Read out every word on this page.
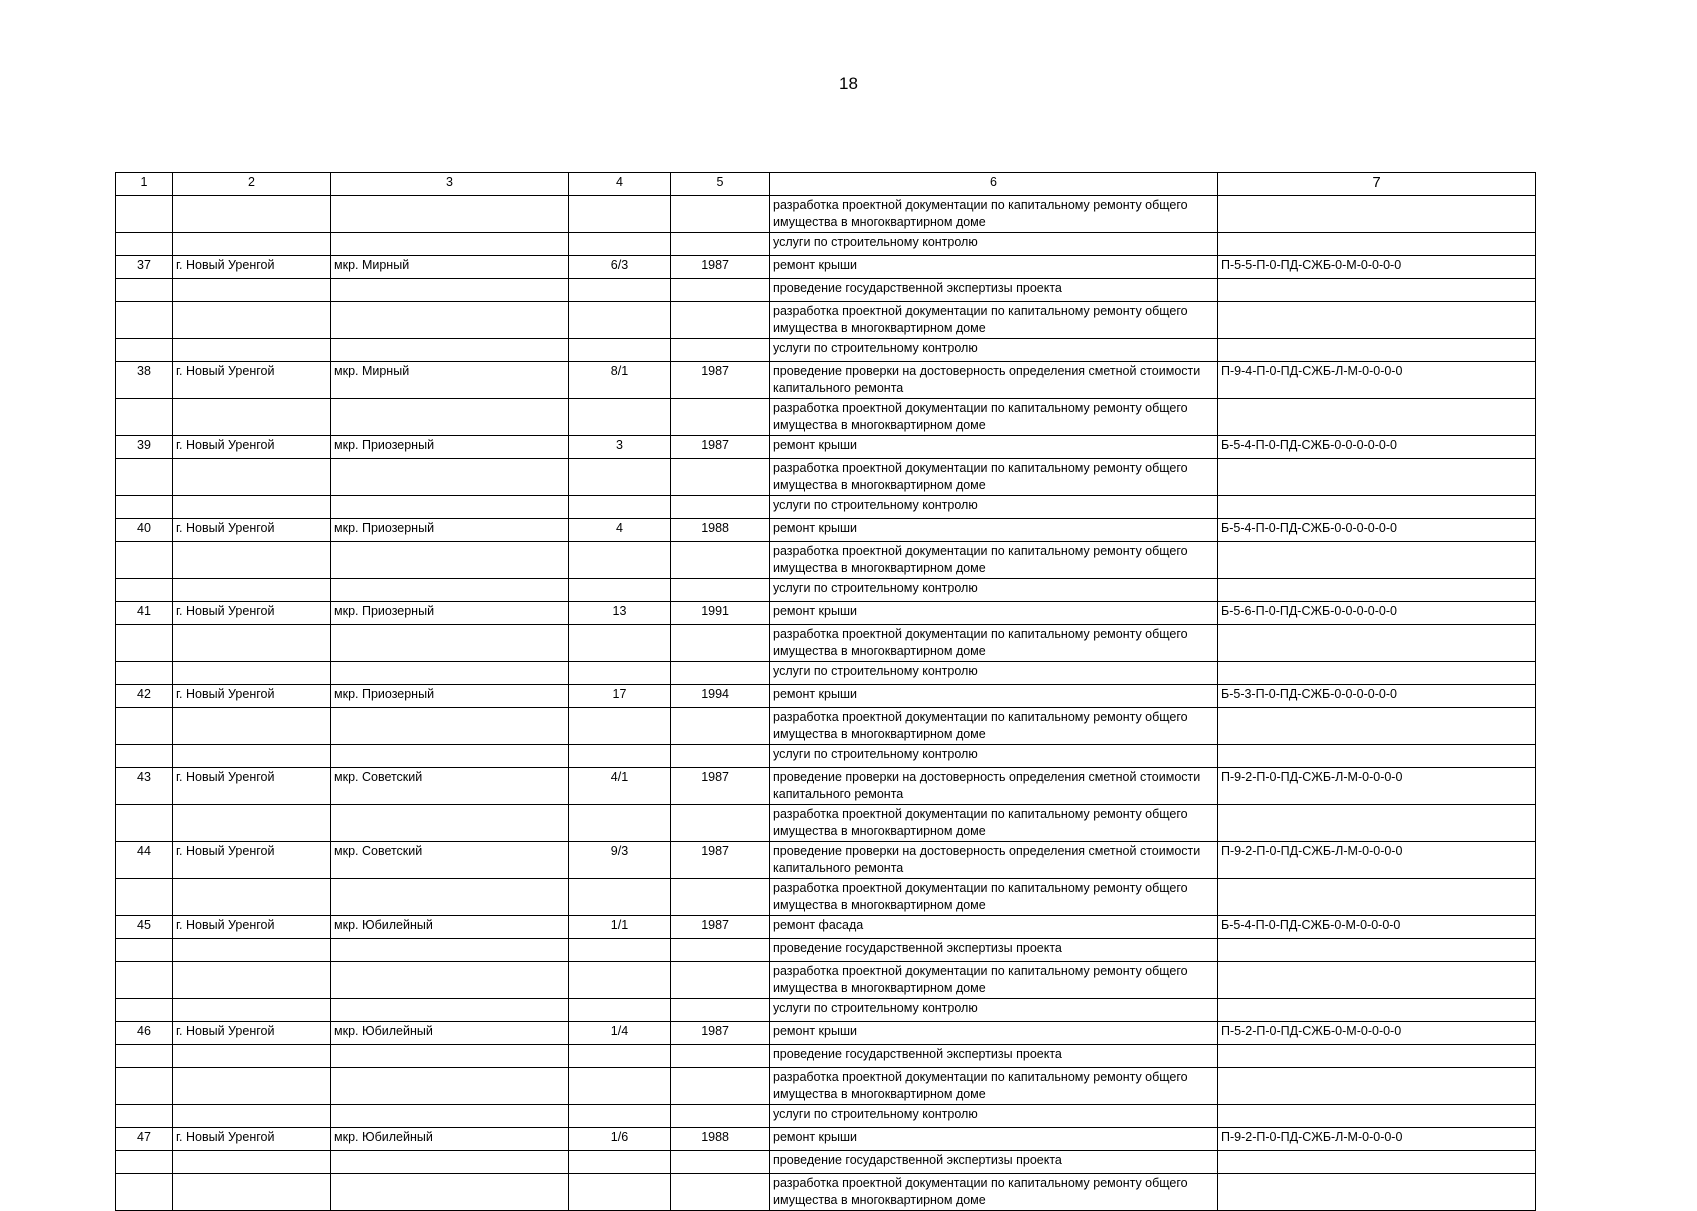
18
1	2	3	4	5	6	7
					разработка проектной документации по капитальному ремонту общего имущества в многоквартирном доме	
					услуги по строительному контролю	
37	г. Новый Уренгой	мкр. Мирный	6/3	1987	ремонт крыши	П-5-5-П-0-ПД-СЖБ-0-М-0-0-0-0
					проведение государственной экспертизы проекта	
					разработка проектной документации по капитальному ремонту общего имущества в многоквартирном доме	
					услуги по строительному контролю	
38	г. Новый Уренгой	мкр. Мирный	8/1	1987	проведение проверки на достоверность определения сметной стоимости капитального ремонта	П-9-4-П-0-ПД-СЖБ-Л-М-0-0-0-0
					разработка проектной документации по капитальному ремонту общего имущества в многоквартирном доме	
39	г. Новый Уренгой	мкр. Приозерный	3	1987	ремонт крыши	Б-5-4-П-0-ПД-СЖБ-0-0-0-0-0-0
					разработка проектной документации по капитальному ремонту общего имущества в многоквартирном доме	
					услуги по строительному контролю	
40	г. Новый Уренгой	мкр. Приозерный	4	1988	ремонт крыши	Б-5-4-П-0-ПД-СЖБ-0-0-0-0-0-0
					разработка проектной документации по капитальному ремонту общего имущества в многоквартирном доме	
					услуги по строительному контролю	
41	г. Новый Уренгой	мкр. Приозерный	13	1991	ремонт крыши	Б-5-6-П-0-ПД-СЖБ-0-0-0-0-0-0
					разработка проектной документации по капитальному ремонту общего имущества в многоквартирном доме	
					услуги по строительному контролю	
42	г. Новый Уренгой	мкр. Приозерный	17	1994	ремонт крыши	Б-5-3-П-0-ПД-СЖБ-0-0-0-0-0-0
					разработка проектной документации по капитальному ремонту общего имущества в многоквартирном доме	
					услуги по строительному контролю	
43	г. Новый Уренгой	мкр. Советский	4/1	1987	проведение проверки на достоверность определения сметной стоимости капитального ремонта	П-9-2-П-0-ПД-СЖБ-Л-М-0-0-0-0
					разработка проектной документации по капитальному ремонту общего имущества в многоквартирном доме	
44	г. Новый Уренгой	мкр. Советский	9/3	1987	проведение проверки на достоверность определения сметной стоимости капитального ремонта	П-9-2-П-0-ПД-СЖБ-Л-М-0-0-0-0
					разработка проектной документации по капитальному ремонту общего имущества в многоквартирном доме	
45	г. Новый Уренгой	мкр. Юбилейный	1/1	1987	ремонт фасада	Б-5-4-П-0-ПД-СЖБ-0-М-0-0-0-0
					проведение государственной экспертизы проекта	
					разработка проектной документации по капитальному ремонту общего имущества в многоквартирном доме	
					услуги по строительному контролю	
46	г. Новый Уренгой	мкр. Юбилейный	1/4	1987	ремонт крыши	П-5-2-П-0-ПД-СЖБ-0-М-0-0-0-0
					проведение государственной экспертизы проекта	
					разработка проектной документации по капитальному ремонту общего имущества в многоквартирном доме	
					услуги по строительному контролю	
47	г. Новый Уренгой	мкр. Юбилейный	1/6	1988	ремонт крыши	П-9-2-П-0-ПД-СЖБ-Л-М-0-0-0-0
					проведение государственной экспертизы проекта	
					разработка проектной документации по капитальному ремонту общего имущества в многоквартирном доме	
